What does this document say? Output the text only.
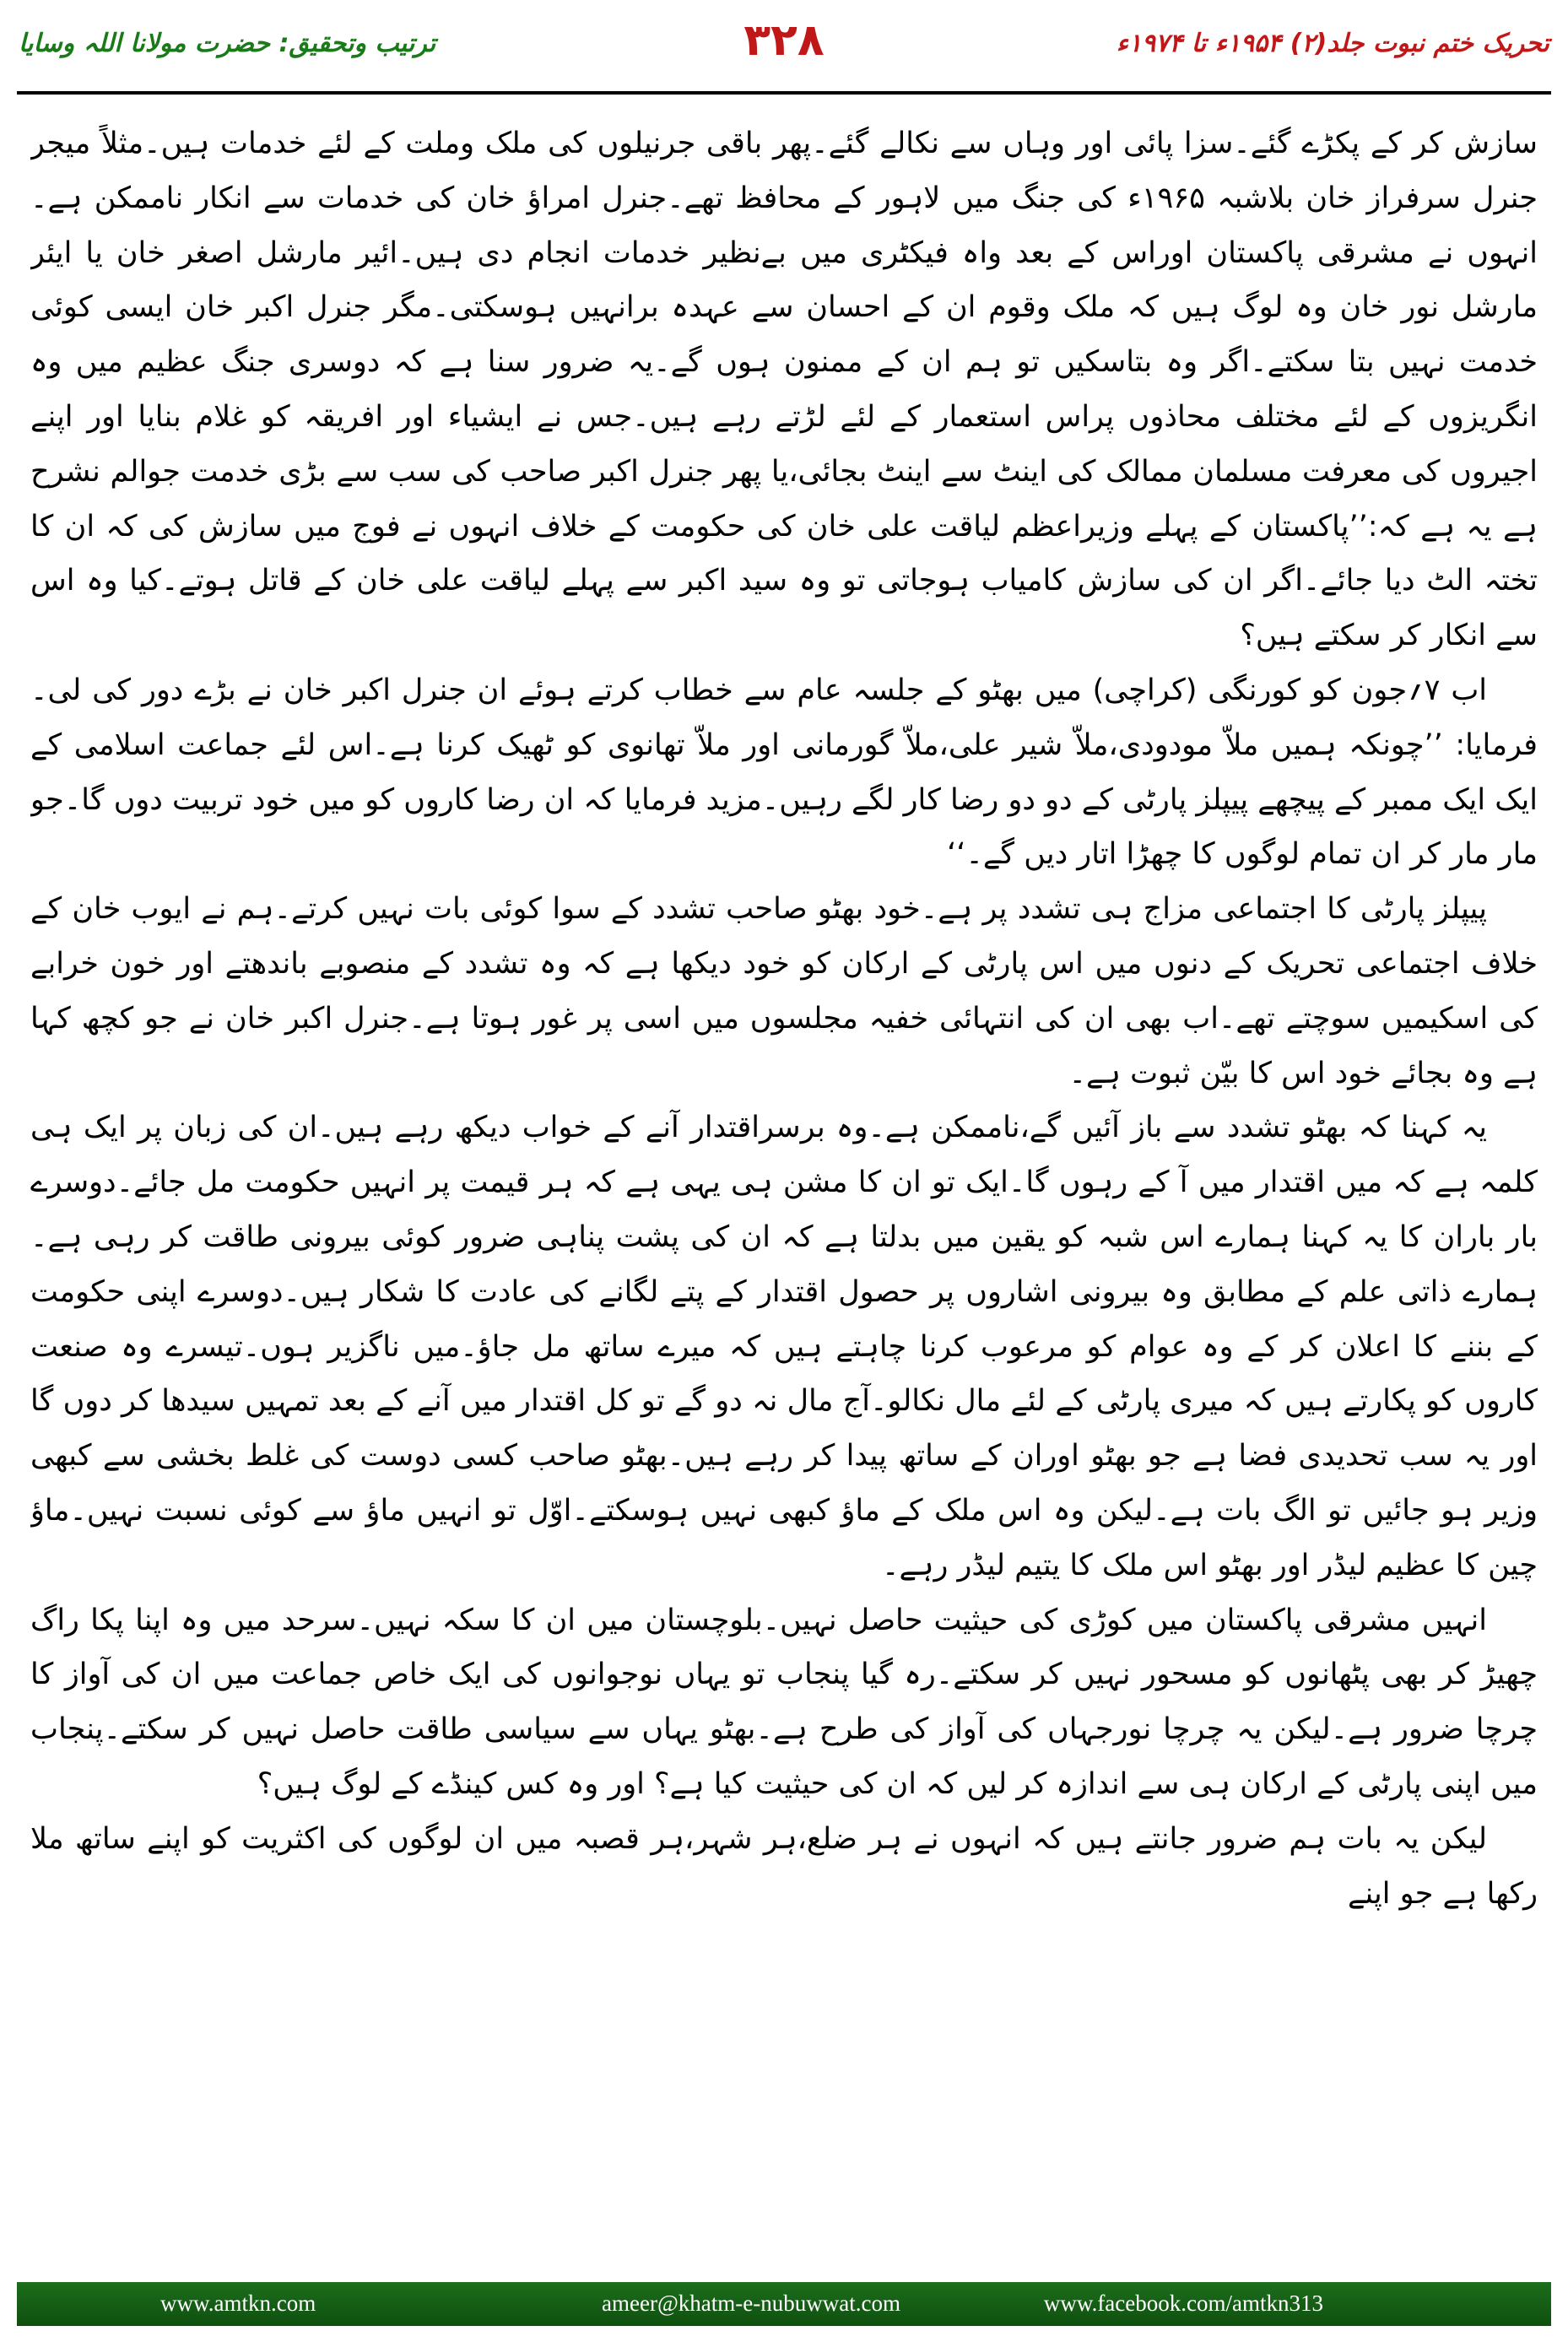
ترتیب وتحقیق: حضرت مولانا اللہ وسایا	۳۲۸	تحریک ختم نبوت جلد(۲) ۱۹۵۴ء تا ۱۹۷۴ء

سازش کر کے پکڑے گئے۔سزا پائی اور وہاں سے نکالے گئے۔پھر باقی جرنیلوں کی ملک وملت کے لئے خدمات ہیں۔مثلاً میجر جنرل سرفراز خان بلاشبہ ۱۹۶۵ء کی جنگ میں لاہور کے محافظ تھے۔جنرل امراؤ خان کی خدمات سے انکار ناممکن ہے۔انہوں نے مشرقی پاکستان اوراس کے بعد واہ فیکٹری میں بےنظیر خدمات انجام دی ہیں۔ائیر مارشل اصغر خان یا ایئر مارشل نور خان وہ لوگ ہیں کہ ملک وقوم ان کے احسان سے عہدہ برانہیں ہوسکتی۔مگر جنرل اکبر خان ایسی کوئی خدمت نہیں بتا سکتے۔اگر وہ بتاسکیں تو ہم ان کے ممنون ہوں گے۔یہ ضرور سنا ہے کہ دوسری جنگ عظیم میں وہ انگریزوں کے لئے مختلف محاذوں پراس استعمار کے لئے لڑتے رہے ہیں۔جس نے ایشیاء اور افریقہ کو غلام بنایا اور اپنے اجیروں کی معرفت مسلمان ممالک کی اینٹ سے اینٹ بجائی،یا پھر جنرل اکبر صاحب کی سب سے بڑی خدمت جوالم نشرح ہے یہ ہے کہ:’’پاکستان کے پہلے وزیراعظم لیاقت علی خان کی حکومت کے خلاف انہوں نے فوج میں سازش کی کہ ان کا تختہ الٹ دیا جائے۔اگر ان کی سازش کامیاب ہوجاتی تو وہ سید اکبر سے پہلے لیاقت علی خان کے قاتل ہوتے۔کیا وہ اس سے انکار کر سکتے ہیں؟

اب ۷؍جون کو کورنگی (کراچی) میں بھٹو کے جلسہ عام سے خطاب کرتے ہوئے ان جنرل اکبر خان نے بڑے دور کی لی۔فرمایا: ’’چونکہ ہمیں ملاّ مودودی،ملاّ شیر علی،ملاّ گورمانی اور ملاّ تھانوی کو ٹھیک کرنا ہے۔اس لئے جماعت اسلامی کے ایک ایک ممبر کے پیچھے پیپلز پارٹی کے دو دو رضا کار لگے رہیں۔مزید فرمایا کہ ان رضا کاروں کو میں خود تربیت دوں گا۔جو مار مار کر ان تمام لوگوں کا چھڑا اتار دیں گے۔‘‘

پیپلز پارٹی کا اجتماعی مزاج ہی تشدد پر ہے۔خود بھٹو صاحب تشدد کے سوا کوئی بات نہیں کرتے۔ہم نے ایوب خان کے خلاف اجتماعی تحریک کے دنوں میں اس پارٹی کے ارکان کو خود دیکھا ہے کہ وہ تشدد کے منصوبے باندھتے اور خون خرابے کی اسکیمیں سوچتے تھے۔اب بھی ان کی انتہائی خفیہ مجلسوں میں اسی پر غور ہوتا ہے۔جنرل اکبر خان نے جو کچھ کہا ہے وہ بجائے خود اس کا بیّن ثبوت ہے۔

یہ کہنا کہ بھٹو تشدد سے باز آئیں گے،ناممکن ہے۔وہ برسراقتدار آنے کے خواب دیکھ رہے ہیں۔ان کی زبان پر ایک ہی کلمہ ہے کہ میں اقتدار میں آ کے رہوں گا۔ایک تو ان کا مشن ہی یہی ہے کہ ہر قیمت پر انہیں حکومت مل جائے۔دوسرے بار باران کا یہ کہنا ہمارے اس شبہ کو یقین میں بدلتا ہے کہ ان کی پشت پناہی ضرور کوئی بیرونی طاقت کر رہی ہے۔ہمارے ذاتی علم کے مطابق وہ بیرونی اشاروں پر حصول اقتدار کے پتے لگانے کی عادت کا شکار ہیں۔دوسرے اپنی حکومت کے بننے کا اعلان کر کے وہ عوام کو مرعوب کرنا چاہتے ہیں کہ میرے ساتھ مل جاؤ۔میں ناگزیر ہوں۔تیسرے وہ صنعت کاروں کو پکارتے ہیں کہ میری پارٹی کے لئے مال نکالو۔آج مال نہ دو گے تو کل اقتدار میں آنے کے بعد تمہیں سیدھا کر دوں گا اور یہ سب تحدیدی فضا ہے جو بھٹو اوران کے ساتھ پیدا کر رہے ہیں۔بھٹو صاحب کسی دوست کی غلط بخشی سے کبھی وزیر ہو جائیں تو الگ بات ہے۔لیکن وہ اس ملک کے ماؤ کبھی نہیں ہوسکتے۔اوّل تو انہیں ماؤ سے کوئی نسبت نہیں۔ماؤ چین کا عظیم لیڈر اور بھٹو اس ملک کا یتیم لیڈر رہے۔

انہیں مشرقی پاکستان میں کوڑی کی حیثیت حاصل نہیں۔بلوچستان میں ان کا سکہ نہیں۔سرحد میں وہ اپنا پکا راگ چھیڑ کر بھی پٹھانوں کو مسحور نہیں کر سکتے۔رہ گیا پنجاب تو یہاں نوجوانوں کی ایک خاص جماعت میں ان کی آواز کا چرچا ضرور ہے۔لیکن یہ چرچا نورجہاں کی آواز کی طرح ہے۔بھٹو یہاں سے سیاسی طاقت حاصل نہیں کر سکتے۔پنجاب میں اپنی پارٹی کے ارکان ہی سے اندازہ کر لیں کہ ان کی حیثیت کیا ہے؟ اور وہ کس کینڈے کے لوگ ہیں؟

لیکن یہ بات ہم ضرور جانتے ہیں کہ انہوں نے ہر ضلع،ہر شہر،ہر قصبہ میں ان لوگوں کی اکثریت کو اپنے ساتھ ملا رکھا ہے جو اپنے

www.amtkn.com	ameer@khatm-e-nubuwwat.com	www.facebook.com/amtkn313
